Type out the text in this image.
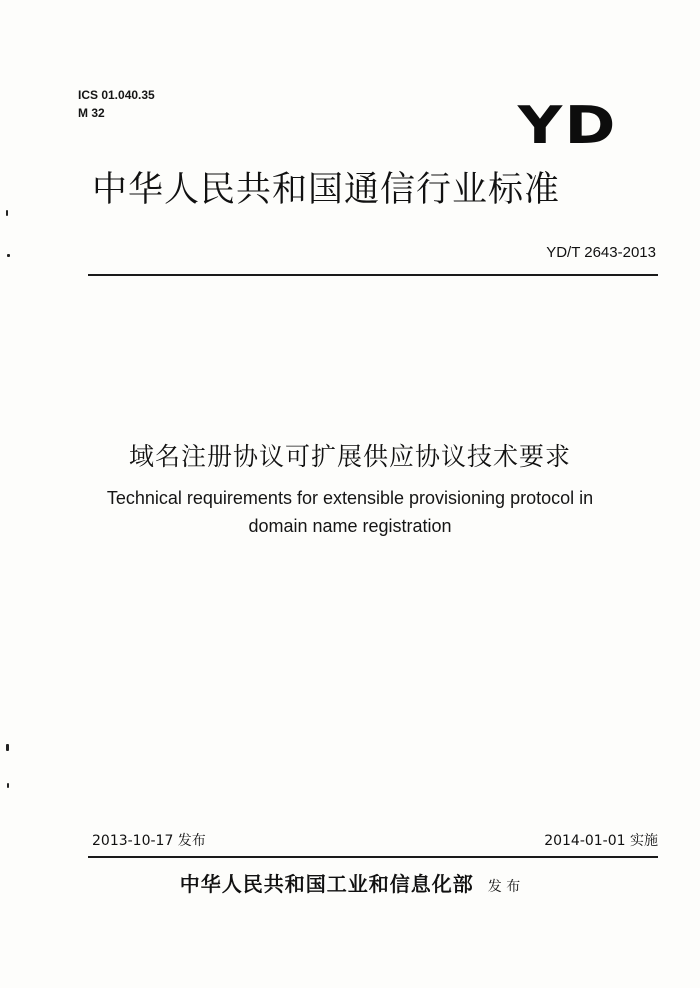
ICS 01.040.35
M 32	YD
中华人民共和国通信行业标准
YD/T 2643-2013
域名注册协议可扩展供应协议技术要求
Technical requirements for extensible provisioning protocol in
domain name registration
2013-10-17 发布	2014-01-01 实施
中华人民共和国工业和信息化部 发 布
